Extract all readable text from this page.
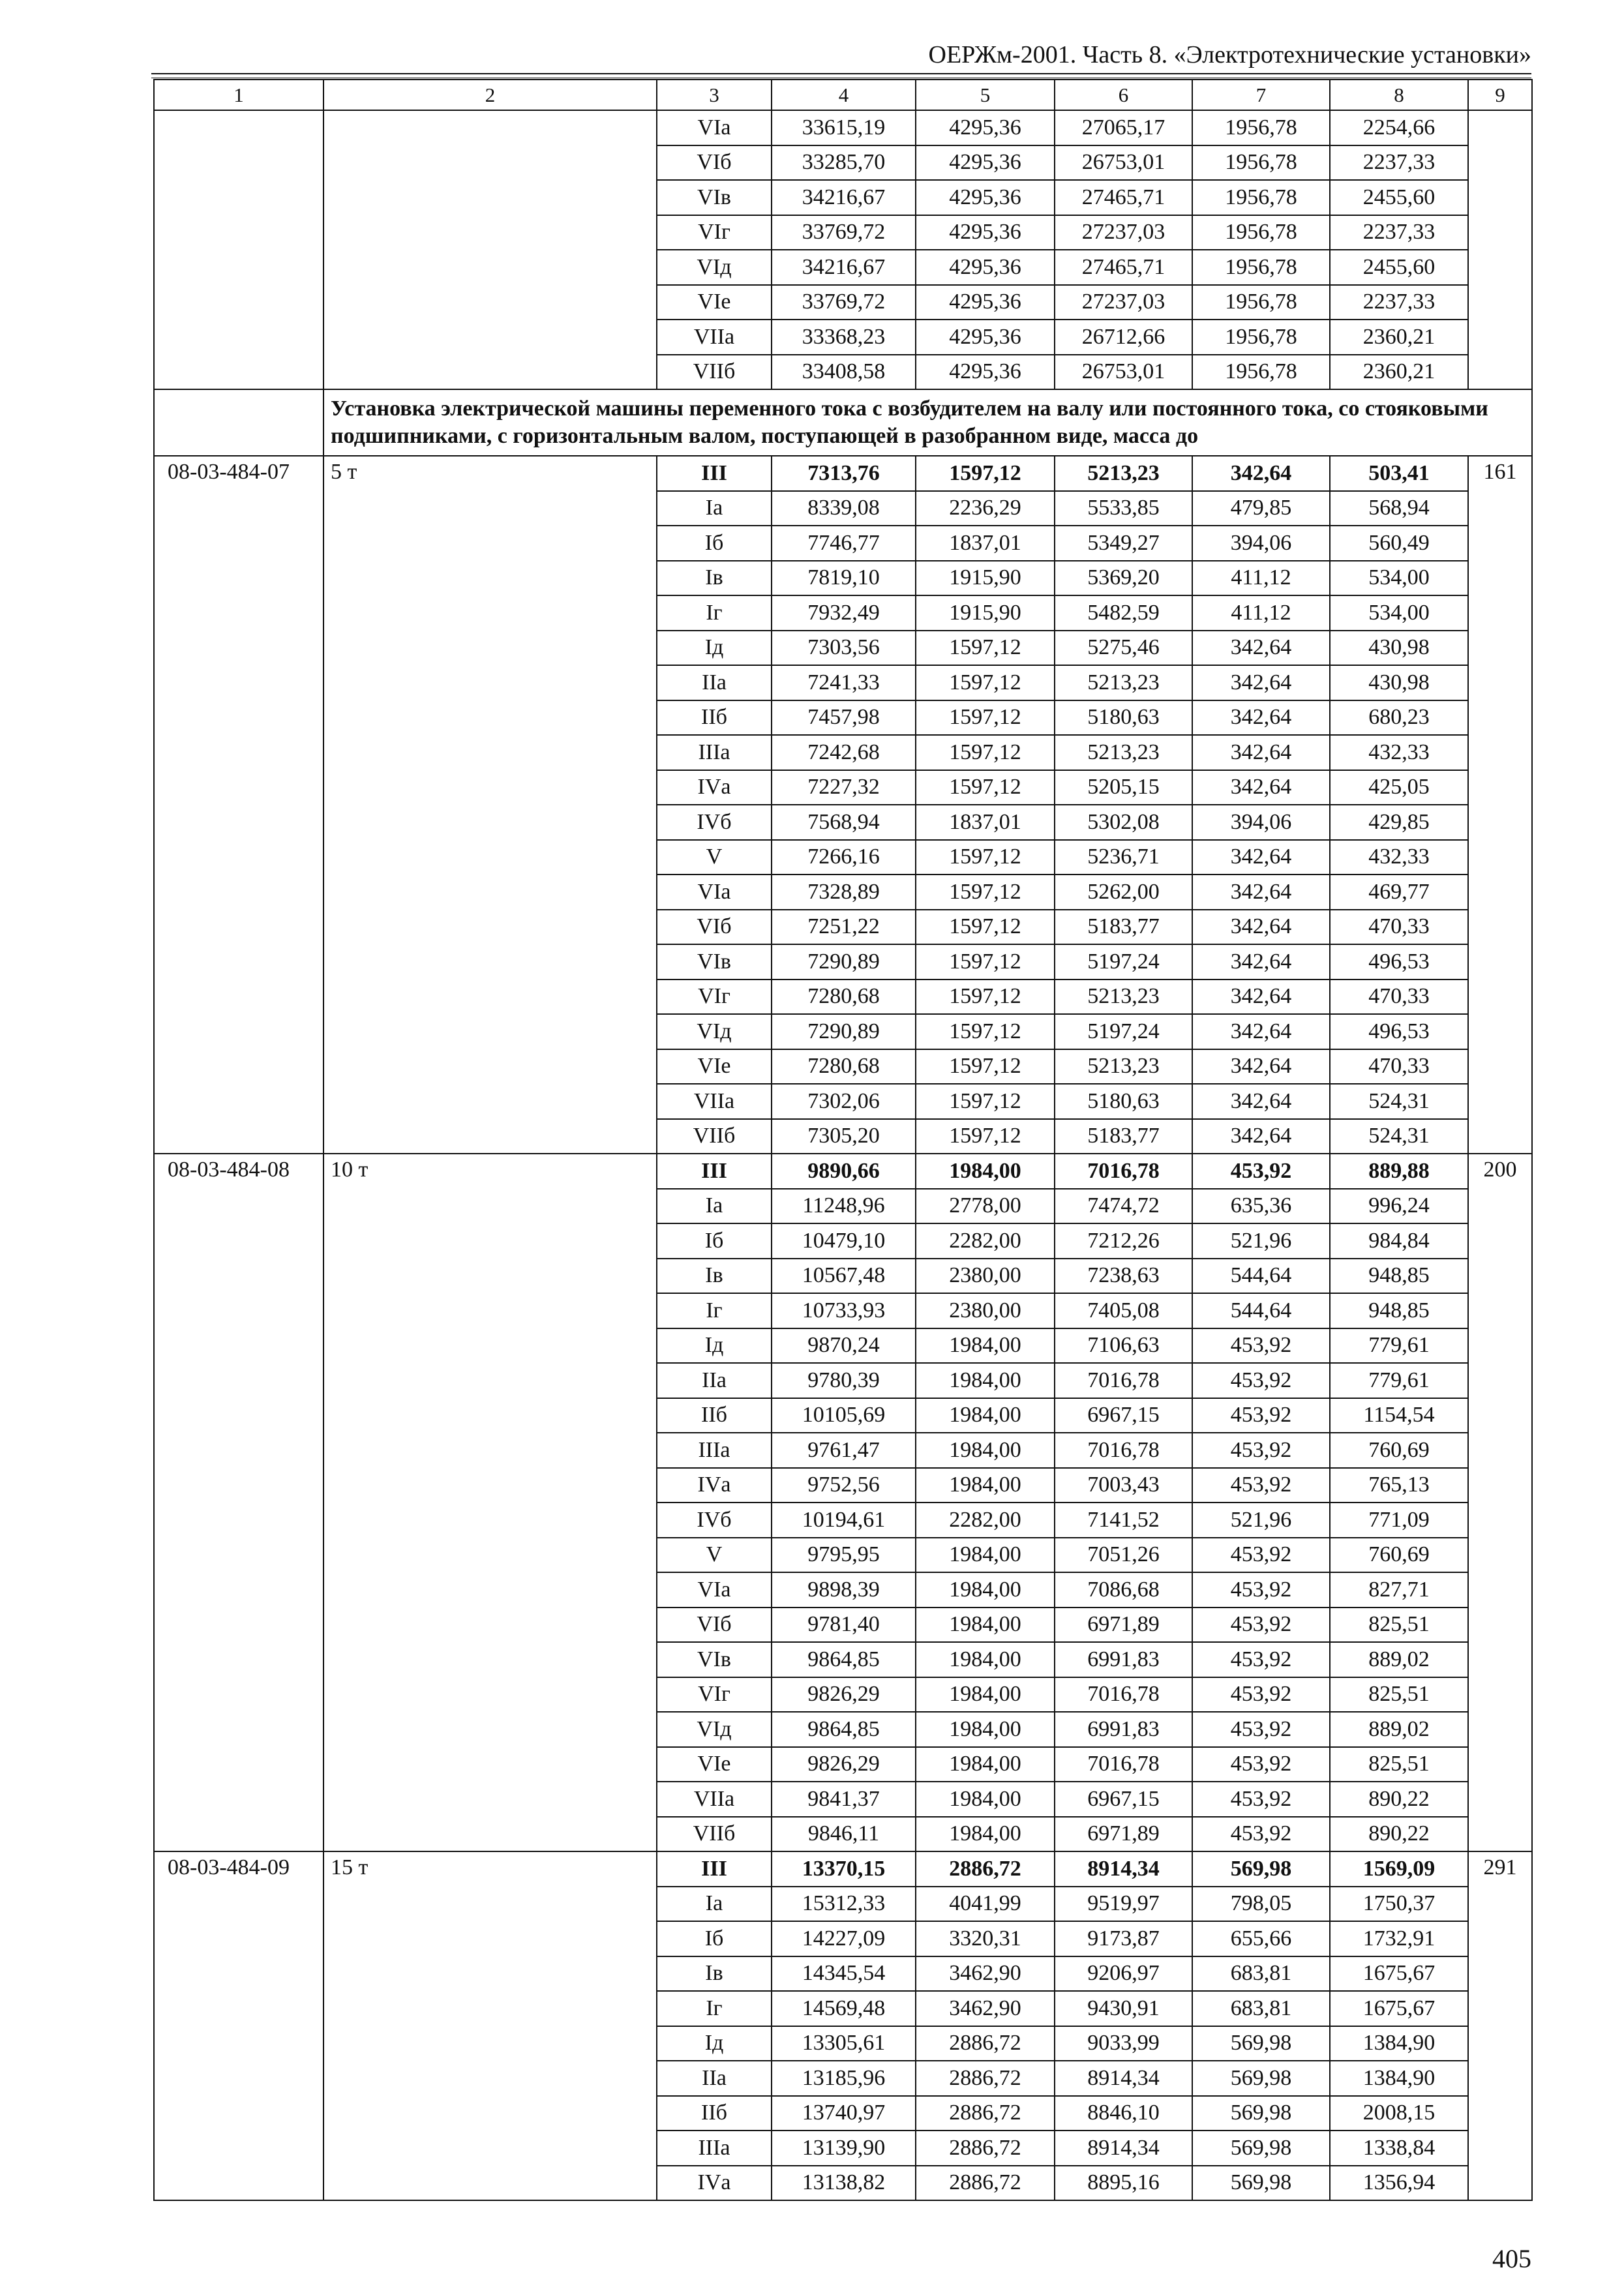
ОЕРЖм-2001. Часть 8. «Электротехнические установки»
1	2	3	4	5	6	7	8	9
		VIа	33615,19	4295,36	27065,17	1956,78	2254,66	
		VIб	33285,70	4295,36	26753,01	1956,78	2237,33	
		VIв	34216,67	4295,36	27465,71	1956,78	2455,60	
		VIг	33769,72	4295,36	27237,03	1956,78	2237,33	
		VIд	34216,67	4295,36	27465,71	1956,78	2455,60	
		VIе	33769,72	4295,36	27237,03	1956,78	2237,33	
		VIIа	33368,23	4295,36	26712,66	1956,78	2360,21	
		VIIб	33408,58	4295,36	26753,01	1956,78	2360,21	
	Установка электрической машины переменного тока с возбудителем на валу или постоянного тока, со стояковыми подшипниками, с горизонтальным валом, поступающей в разобранном виде, масса до							
08-03-484-07	5 т	III	7313,76	1597,12	5213,23	342,64	503,41	161
		Iа	8339,08	2236,29	5533,85	479,85	568,94	
		Iб	7746,77	1837,01	5349,27	394,06	560,49	
		Iв	7819,10	1915,90	5369,20	411,12	534,00	
		Iг	7932,49	1915,90	5482,59	411,12	534,00	
		Iд	7303,56	1597,12	5275,46	342,64	430,98	
		IIа	7241,33	1597,12	5213,23	342,64	430,98	
		IIб	7457,98	1597,12	5180,63	342,64	680,23	
		IIIа	7242,68	1597,12	5213,23	342,64	432,33	
		IVа	7227,32	1597,12	5205,15	342,64	425,05	
		IVб	7568,94	1837,01	5302,08	394,06	429,85	
		V	7266,16	1597,12	5236,71	342,64	432,33	
		VIа	7328,89	1597,12	5262,00	342,64	469,77	
		VIб	7251,22	1597,12	5183,77	342,64	470,33	
		VIв	7290,89	1597,12	5197,24	342,64	496,53	
		VIг	7280,68	1597,12	5213,23	342,64	470,33	
		VIд	7290,89	1597,12	5197,24	342,64	496,53	
		VIе	7280,68	1597,12	5213,23	342,64	470,33	
		VIIа	7302,06	1597,12	5180,63	342,64	524,31	
		VIIб	7305,20	1597,12	5183,77	342,64	524,31	
08-03-484-08	10 т	III	9890,66	1984,00	7016,78	453,92	889,88	200
		Iа	11248,96	2778,00	7474,72	635,36	996,24	
		Iб	10479,10	2282,00	7212,26	521,96	984,84	
		Iв	10567,48	2380,00	7238,63	544,64	948,85	
		Iг	10733,93	2380,00	7405,08	544,64	948,85	
		Iд	9870,24	1984,00	7106,63	453,92	779,61	
		IIа	9780,39	1984,00	7016,78	453,92	779,61	
		IIб	10105,69	1984,00	6967,15	453,92	1154,54	
		IIIа	9761,47	1984,00	7016,78	453,92	760,69	
		IVа	9752,56	1984,00	7003,43	453,92	765,13	
		IVб	10194,61	2282,00	7141,52	521,96	771,09	
		V	9795,95	1984,00	7051,26	453,92	760,69	
		VIа	9898,39	1984,00	7086,68	453,92	827,71	
		VIб	9781,40	1984,00	6971,89	453,92	825,51	
		VIв	9864,85	1984,00	6991,83	453,92	889,02	
		VIг	9826,29	1984,00	7016,78	453,92	825,51	
		VIд	9864,85	1984,00	6991,83	453,92	889,02	
		VIе	9826,29	1984,00	7016,78	453,92	825,51	
		VIIа	9841,37	1984,00	6967,15	453,92	890,22	
		VIIб	9846,11	1984,00	6971,89	453,92	890,22	
08-03-484-09	15 т	III	13370,15	2886,72	8914,34	569,98	1569,09	291
		Iа	15312,33	4041,99	9519,97	798,05	1750,37	
		Iб	14227,09	3320,31	9173,87	655,66	1732,91	
		Iв	14345,54	3462,90	9206,97	683,81	1675,67	
		Iг	14569,48	3462,90	9430,91	683,81	1675,67	
		Iд	13305,61	2886,72	9033,99	569,98	1384,90	
		IIа	13185,96	2886,72	8914,34	569,98	1384,90	
		IIб	13740,97	2886,72	8846,10	569,98	2008,15	
		IIIа	13139,90	2886,72	8914,34	569,98	1338,84	
		IVа	13138,82	2886,72	8895,16	569,98	1356,94	
405
